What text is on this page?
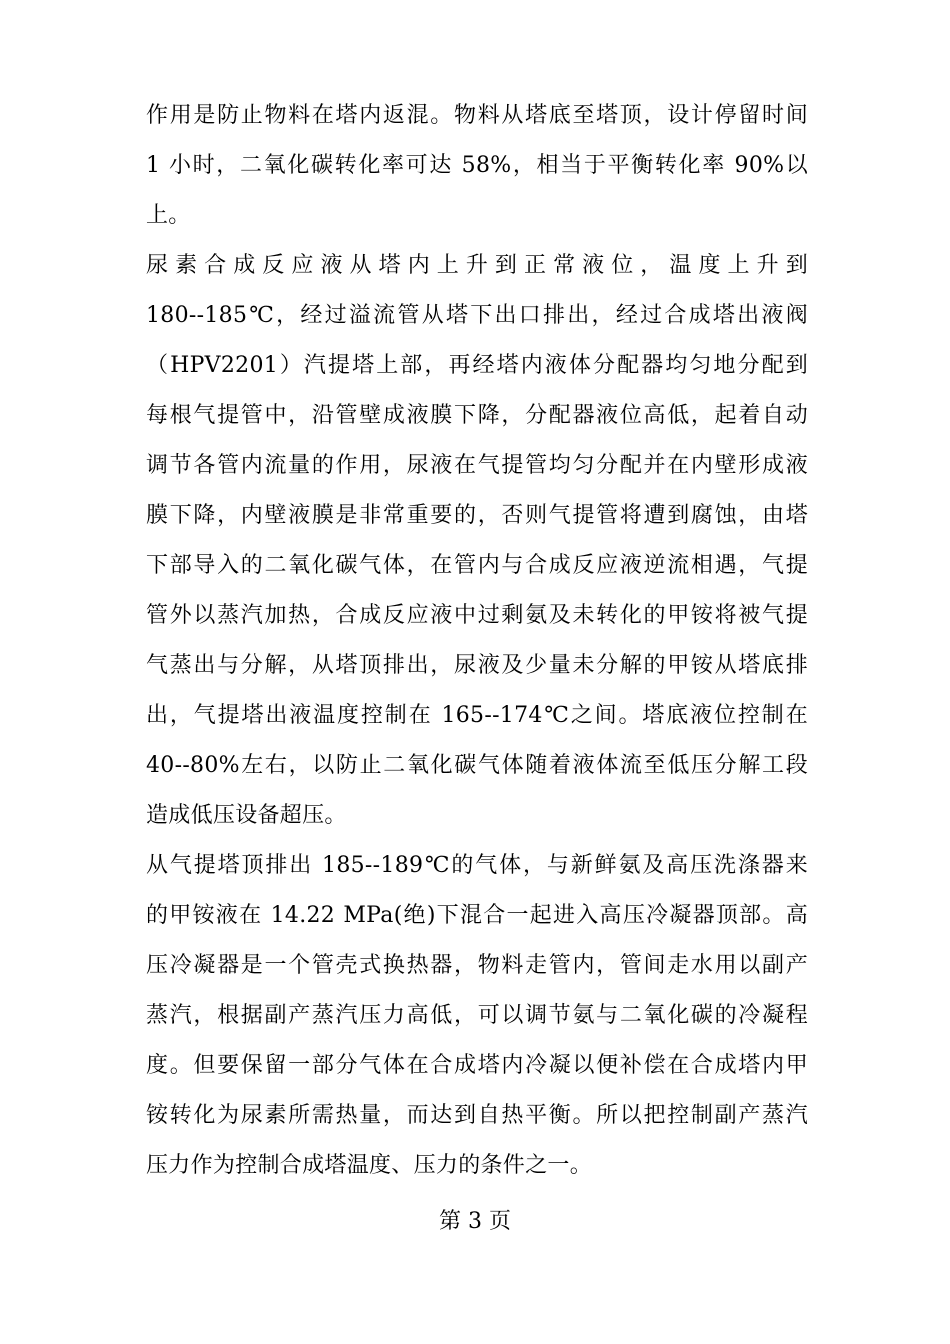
作用是防止物料在塔内返混。物料从塔底至塔顶，设计停留时间
1 小时，二氧化碳转化率可达 58%，相当于平衡转化率 90%以
上。
尿素合成反应液从塔内上升到正常液位，温度上升到
180--185℃，经过溢流管从塔下出口排出，经过合成塔出液阀
（HPV2201）汽提塔上部，再经塔内液体分配器均匀地分配到
每根气提管中，沿管壁成液膜下降，分配器液位高低，起着自动
调节各管内流量的作用，尿液在气提管均匀分配并在内壁形成液
膜下降，内壁液膜是非常重要的，否则气提管将遭到腐蚀，由塔
下部导入的二氧化碳气体，在管内与合成反应液逆流相遇，气提
管外以蒸汽加热，合成反应液中过剩氨及未转化的甲铵将被气提
气蒸出与分解，从塔顶排出，尿液及少量未分解的甲铵从塔底排
出，气提塔出液温度控制在 165--174℃之间。塔底液位控制在
40--80%左右，以防止二氧化碳气体随着液体流至低压分解工段
造成低压设备超压。
从气提塔顶排出 185--189℃的气体，与新鲜氨及高压洗涤器来
的甲铵液在 14.22 MPa(绝)下混合一起进入高压冷凝器顶部。高
压冷凝器是一个管壳式换热器，物料走管内，管间走水用以副产
蒸汽，根据副产蒸汽压力高低，可以调节氨与二氧化碳的冷凝程
度。但要保留一部分气体在合成塔内冷凝以便补偿在合成塔内甲
铵转化为尿素所需热量，而达到自热平衡。所以把控制副产蒸汽
压力作为控制合成塔温度、压力的条件之一。
第 3 页
